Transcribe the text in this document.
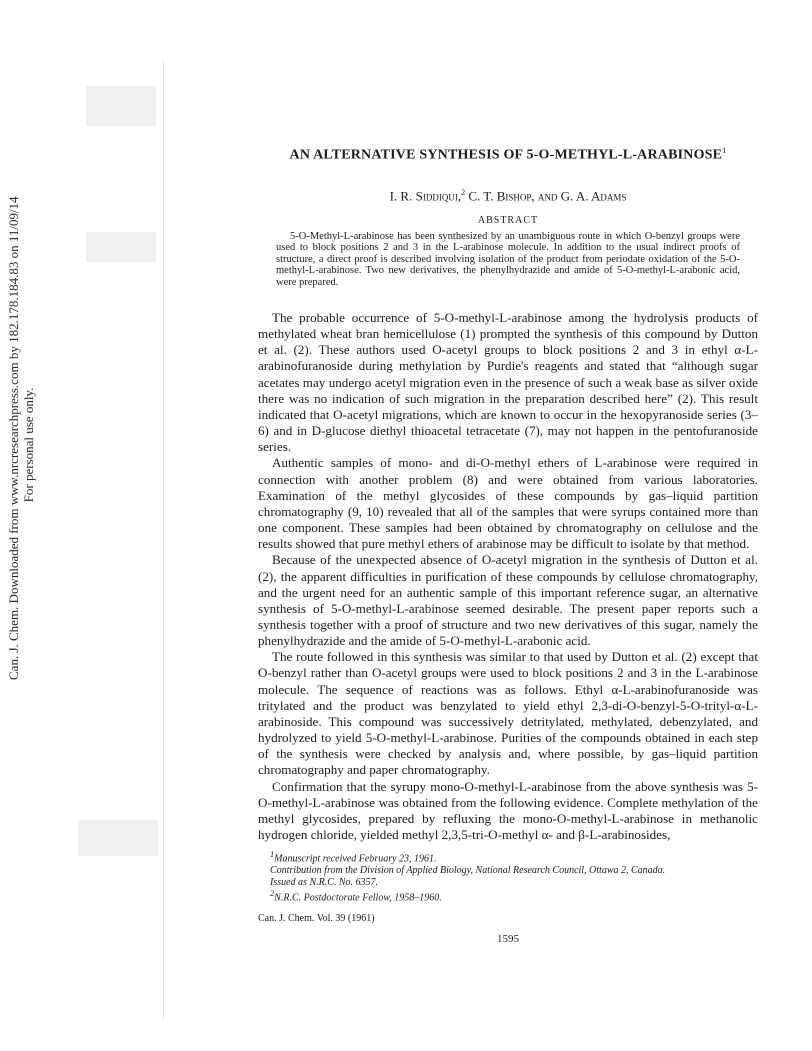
Can. J. Chem. Downloaded from www.nrcresearchpress.com by 182.178.184.83 on 11/09/14 For personal use only.
AN ALTERNATIVE SYNTHESIS OF 5-O-METHYL-L-ARABINOSE$^1$
I. R. Siddiqui,$^2$ C. T. Bishop, and G. A. Adams
ABSTRACT
5-O-Methyl-L-arabinose has been synthesized by an unambiguous route in which O-benzyl groups were used to block positions 2 and 3 in the L-arabinose molecule. In addition to the usual indirect proofs of structure, a direct proof is described involving isolation of the product from periodate oxidation of the 5-O-methyl-L-arabinose. Two new derivatives, the phenylhydrazide and amide of 5-O-methyl-L-arabonic acid, were prepared.

The probable occurrence of 5-O-methyl-L-arabinose among the hydrolysis products of methylated wheat bran hemicellulose (1) prompted the synthesis of this compound by Dutton et al. (2). These authors used O-acetyl groups to block positions 2 and 3 in ethyl α-L-arabinofuranoside during methylation by Purdie's reagents and stated that “although sugar acetates may undergo acetyl migration even in the presence of such a weak base as silver oxide there was no indication of such migration in the preparation described here” (2). This result indicated that O-acetyl migrations, which are known to occur in the hexopyranoside series (3–6) and in D-glucose diethyl thioacetal tetracetate (7), may not happen in the pentofuranoside series.

Authentic samples of mono- and di-O-methyl ethers of L-arabinose were required in connection with another problem (8) and were obtained from various laboratories. Examination of the methyl glycosides of these compounds by gas–liquid partition chromatography (9, 10) revealed that all of the samples that were syrups contained more than one component. These samples had been obtained by chromatography on cellulose and the results showed that pure methyl ethers of arabinose may be difficult to isolate by that method.

Because of the unexpected absence of O-acetyl migration in the synthesis of Dutton et al. (2), the apparent difficulties in purification of these compounds by cellulose chromatography, and the urgent need for an authentic sample of this important reference sugar, an alternative synthesis of 5-O-methyl-L-arabinose seemed desirable. The present paper reports such a synthesis together with a proof of structure and two new derivatives of this sugar, namely the phenylhydrazide and the amide of 5-O-methyl-L-arabonic acid.

The route followed in this synthesis was similar to that used by Dutton et al. (2) except that O-benzyl rather than O-acetyl groups were used to block positions 2 and 3 in the L-arabinose molecule. The sequence of reactions was as follows. Ethyl α-L-arabinofuranoside was tritylated and the product was benzylated to yield ethyl 2,3-di-O-benzyl-5-O-trityl-α-L-arabinoside. This compound was successively detritylated, methylated, debenzylated, and hydrolyzed to yield 5-O-methyl-L-arabinose. Purities of the compounds obtained in each step of the synthesis were checked by analysis and, where possible, by gas–liquid partition chromatography and paper chromatography.

Confirmation that the syrupy mono-O-methyl-L-arabinose from the above synthesis was 5-O-methyl-L-arabinose was obtained from the following evidence. Complete methylation of the methyl glycosides, prepared by refluxing the mono-O-methyl-L-arabinose in methanolic hydrogen chloride, yielded methyl 2,3,5-tri-O-methyl α- and β-L-arabinosides,

$^1$Manuscript received February 23, 1961.
Contribution from the Division of Applied Biology, National Research Council, Ottawa 2, Canada.
Issued as N.R.C. No. 6357.
$^2$N.R.C. Postdoctorate Fellow, 1958–1960.
Can. J. Chem. Vol. 39 (1961)
1595
